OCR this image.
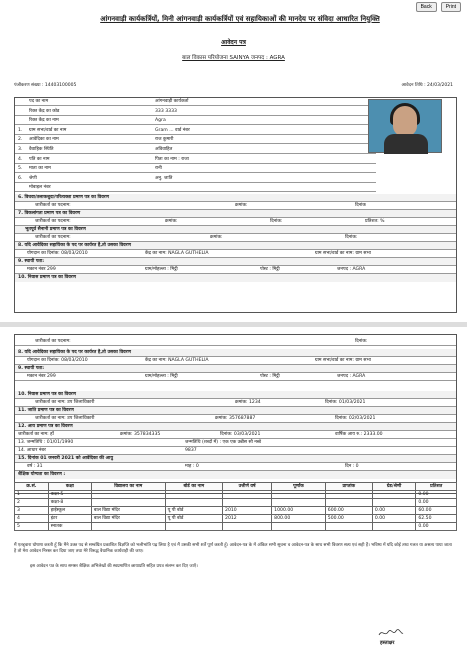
Back	Print
आंगनवाड़ी कार्यकर्त्रियों, मिनी आंगनवाड़ी कार्यकर्त्रियों एवं सहायिकाओं की मानदेय पर संविदा आधारित नियुक्ति
आवेदन पत्र
बाल विकास परियोजना SAINYA जनपद : AGRA
पंजीकरण संख्या : 14403100005	आवेदन तिथि : 24/03/2021
पद का नाम	आंगनवाड़ी कार्यकर्ता
रिक्त केंद्र का कोड	333 3333
रिक्त केंद्र का नाम	Agra
1. ग्राम सभा/वार्ड का नाम	Gram ... वार्ड नंबर
2. आवेदिका का नाम	राज कुमारी
3. वैवाहिक स्थिति	अविवाहित
4. पति का नाम	पिता का नाम : राजा
5. माता का नाम	रानी
6. श्रेणी	अनु. जाति
मोबाइल नंबर
6. विधवा/तलाकशुदा/परित्यक्ता प्रमाण पत्र का विवरण
जारीकर्ता का पदनाम:	क्रमांक:	दिनांक
7. विकलांगता प्रमाण पत्र का विवरण
जारीकर्ता का पदनाम:	क्रमांक:	दिनांक:	प्रतिशत: %
भूतपूर्व सैनानी प्रमाण पत्र का विवरण
जारीकर्ता का पदनाम:	क्रमांक:	दिनांक:
8. यदि आवेदिका सहायिका के पद पर कार्यरत है,तो उसका विवरण
योगदान का दिनांक: 08/03/2010	केंद्र का नाम: NAGLA GUTHELIA	ग्राम सभा/वार्ड का नाम: ग्राम सभा
9. स्थायी पता:
मकान नंबर 299	ग्राम/मोहल्ला : मिट्ठी	पोस्ट : मिट्ठी	जनपद : AGRA
10. निवास प्रमाण पत्र का विवरण
जारीकर्ता का पदनाम:	दिनांक:
8. यदि आवेदिका सहायिका के पद पर कार्यरत है,तो उसका विवरण
योगदान का दिनांक: 08/03/2010	केंद्र का नाम: NAGLA GUTHELIA	ग्राम सभा/वार्ड का नाम: ग्राम सभा
9. स्थायी पता:
मकान नंबर 299	ग्राम/मोहल्ला : मिट्ठी	पोस्ट : मिट्ठी	जनपद : AGRA
10. निवास प्रमाण पत्र का विवरण
जारीकर्ता का नाम: उप जिलाधिकारी	क्रमांक: 1234	दिनांक: 01/03/2021
11. जाति प्रमाण पत्र का विवरण
जारीकर्ता का नाम: उप जिलाधिकारी	क्रमांक: 357687887	दिनांक: 02/03/2021
12. आय प्रमाण पत्र का विवरण
जारीकर्ता का नाम: हाँ	क्रमांक: 357834335	दिनांक: 03/03/2021	वार्षिक आय रु.: 2333.00
13. जन्मतिथि : 01/01/1990	जन्मतिथि (शब्दों में) : एक एक उन्नीस सौ नब्बे
14. आधार नंबर	9837
15. दिनांक 01 जनवरी 2021 को आवेदिका की आयु
वर्ष : 31	माह : 0	दिन : 0
शैक्षिक योग्यता का विवरण :
क्र.सं.	कक्षा	विद्यालय का नाम	बोर्ड का नाम	उत्तीर्ण वर्ष	पूर्णांक	प्राप्तांक	ग्रेड/श्रेणी	प्रतिशत
1	कक्षा-5							0.00
2	कक्षा-8							0.00
3	हाईस्कूल	बाल विद्या मंदिर	यू पी बोर्ड	2010	1000.00	600.00	0.00	60.00
4	इंटर	बाल विद्या मंदिर	यू पी बोर्ड	2012	800.00	500.00	0.00	62.50
5	स्नातक							0.00
मैं एतद्द्वारा घोषणा करती हूँ कि मैंने उक्त पद से सम्बंधित प्रकाशित विज्ञप्ति को भलीभांति पढ़ लिया है एवं मैं उसकी सभी शर्तें पूर्ण करती हूँ। आवेदन-पत्र के में अंकित सभी सूचना व आवेदन-पत्र के साथ सभी विवरण सत्य एवं सही हैं। भविष्य में यदि कोई तथ्य गलत या असत्य पाया जाता है तो मेरा आवेदन निरस्त कर दिया जाए तथा मेरे विरुद्ध वैधानिक कार्यवाही की जाए।
इस आवेदन पत्र के साथ समस्त शैक्षिक अभिलेखों की स्वप्रमाणित छायाप्रति सहित प्रपत्र संलग्न कर दिए जाएँ।
हस्ताक्षर
